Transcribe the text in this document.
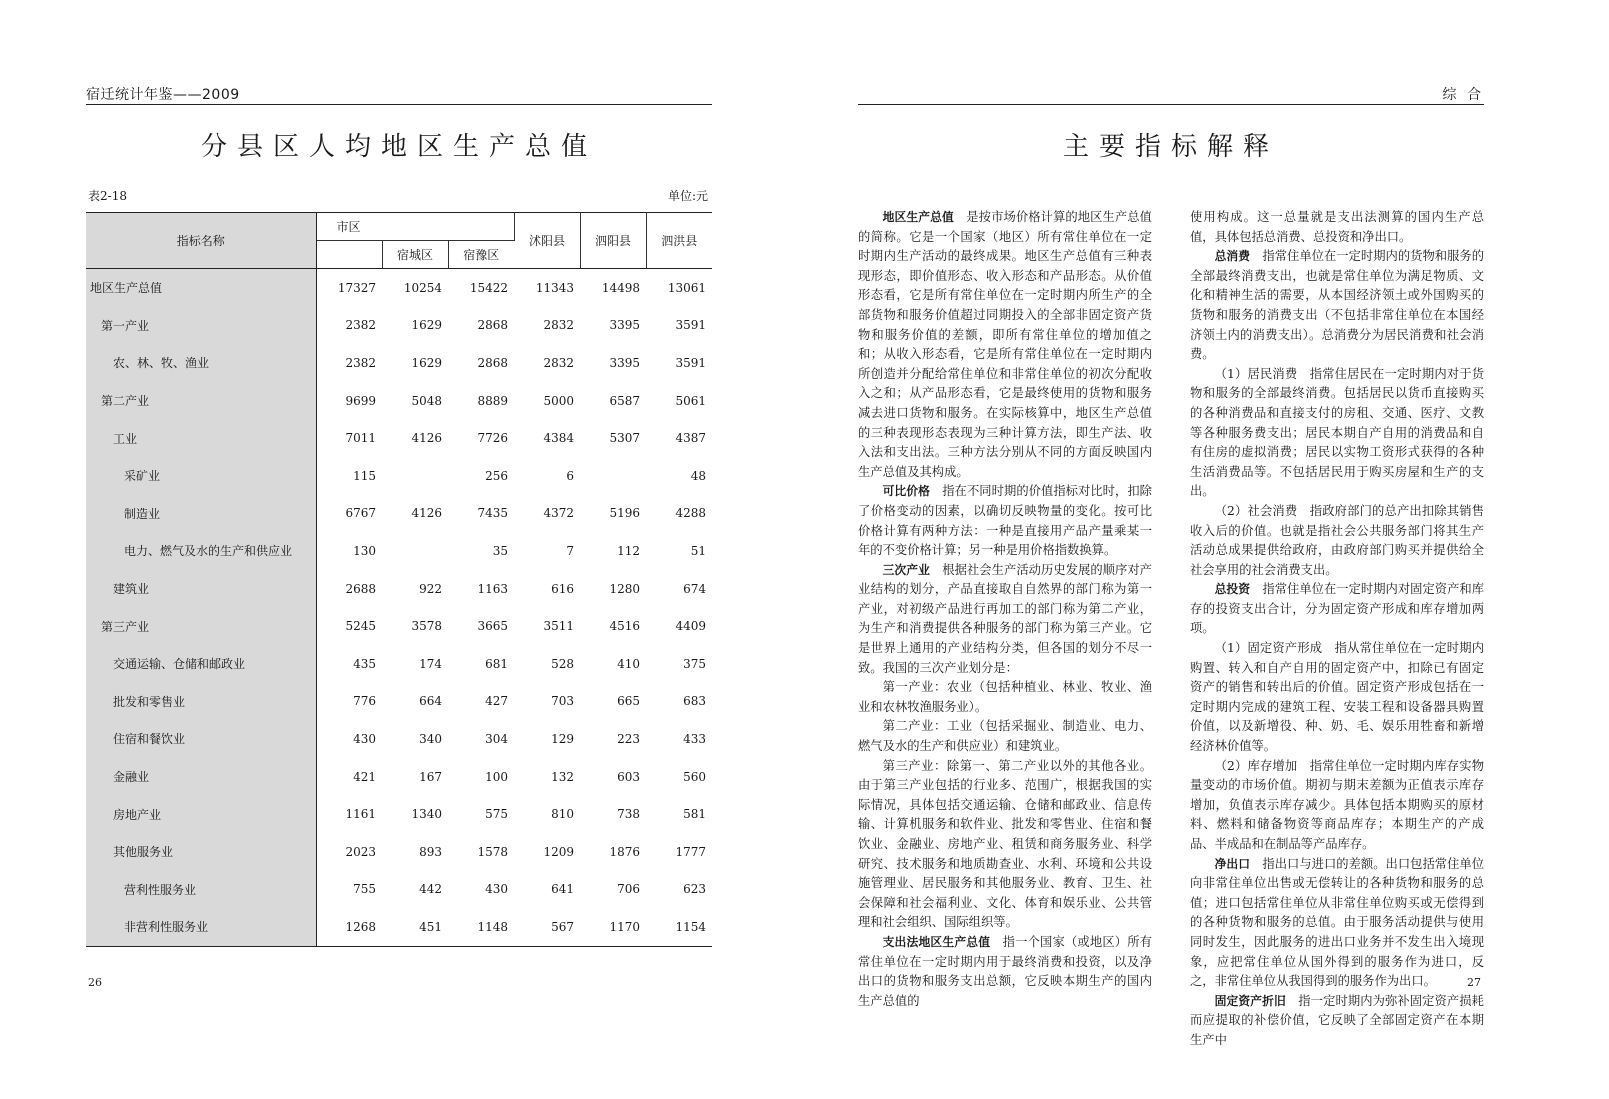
宿迁统计年鉴——2009
分县区人均地区生产总值
表2-18	单位:元
指标名称	市区			沭阳县	泗阳县	泗洪县
		宿城区	宿豫区			
地区生产总值	17327	10254	15422	11343	14498	13061
第一产业	2382	1629	2868	2832	3395	3591
农、林、牧、渔业	2382	1629	2868	2832	3395	3591
第二产业	9699	5048	8889	5000	6587	5061
工业	7011	4126	7726	4384	5307	4387
采矿业	115		256	6		48
制造业	6767	4126	7435	4372	5196	4288
电力、燃气及水的生产和供应业	130		35	7	112	51
建筑业	2688	922	1163	616	1280	674
第三产业	5245	3578	3665	3511	4516	4409
交通运输、仓储和邮政业	435	174	681	528	410	375
批发和零售业	776	664	427	703	665	683
住宿和餐饮业	430	340	304	129	223	433
金融业	421	167	100	132	603	560
房地产业	1161	1340	575	810	738	581
其他服务业	2023	893	1578	1209	1876	1777
营利性服务业	755	442	430	641	706	623
非营利性服务业	1268	451	1148	567	1170	1154
26
综 合
主要指标解释

地区生产总值　 是按市场价格计算的地区生产总值的简称。它是一个国家（地区）所有常住单位在一定时期内生产活动的最终成果。地区生产总值有三种表现形态，即价值形态、收入形态和产品形态。从价值形态看，它是所有常住单位在一定时期内所生产的全部货物和服务价值超过同期投入的全部非固定资产货物和服务价值的差额，即所有常住单位的增加值之和；从收入形态看，它是所有常住单位在一定时期内所创造并分配给常住单位和非常住单位的初次分配收入之和；从产品形态看，它是最终使用的货物和服务减去进口货物和服务。在实际核算中，地区生产总值的三种表现形态表现为三种计算方法，即生产法、收入法和支出法。三种方法分别从不同的方面反映国内生产总值及其构成。

可比价格　 指在不同时期的价值指标对比时，扣除了价格变动的因素，以确切反映物量的变化。按可比价格计算有两种方法：一种是直接用产品产量乘某一年的不变价格计算；另一种是用价格指数换算。

三次产业　 根据社会生产活动历史发展的顺序对产业结构的划分，产品直接取自自然界的部门称为第一产业，对初级产品进行再加工的部门称为第二产业，为生产和消费提供各种服务的部门称为第三产业。它是世界上通用的产业结构分类，但各国的划分不尽一致。我国的三次产业划分是：

第一产业：农业（包括种植业、林业、牧业、渔业和农林牧渔服务业）。

第二产业：工业（包括采掘业、制造业、电力、燃气及水的生产和供应业）和建筑业。

第三产业：除第一、第二产业以外的其他各业。由于第三产业包括的行业多、范围广，根据我国的实际情况，具体包括交通运输、仓储和邮政业、信息传输、计算机服务和软件业、批发和零售业、住宿和餐饮业、金融业、房地产业、租赁和商务服务业、科学研究、技术服务和地质勘查业、水利、环境和公共设施管理业、居民服务和其他服务业、教育、卫生、社会保障和社会福利业、文化、体育和娱乐业、公共管理和社会组织、国际组织等。

支出法地区生产总值　 指一个国家（或地区）所有常住单位在一定时期内用于最终消费和投资，以及净出口的货物和服务支出总额，它反映本期生产的国内生产总值的

使用构成。这一总量就是支出法测算的国内生产总值，具体包括总消费、总投资和净出口。

总消费　 指常住单位在一定时期内的货物和服务的全部最终消费支出，也就是常住单位为满足物质、文化和精神生活的需要，从本国经济领土或外国购买的货物和服务的消费支出（不包括非常住单位在本国经济领土内的消费支出）。总消费分为居民消费和社会消费。

（1）居民消费　指常住居民在一定时期内对于货物和服务的全部最终消费。包括居民以货币直接购买的各种消费品和直接支付的房租、交通、医疗、文教等各种服务费支出；居民本期自产自用的消费品和自有住房的虚拟消费；居民以实物工资形式获得的各种生活消费品等。不包括居民用于购买房屋和生产的支出。

（2）社会消费　指政府部门的总产出扣除其销售收入后的价值。也就是指社会公共服务部门将其生产活动总成果提供给政府，由政府部门购买并提供给全社会享用的社会消费支出。

总投资　 指常住单位在一定时期内对固定资产和库存的投资支出合计，分为固定资产形成和库存增加两项。

（1）固定资产形成　指从常住单位在一定时期内购置、转入和自产自用的固定资产中，扣除已有固定资产的销售和转出后的价值。固定资产形成包括在一定时期内完成的建筑工程、安装工程和设备器具购置价值，以及新增役、种、奶、毛、娱乐用牲畜和新增经济林价值等。

（2）库存增加　指常住单位一定时期内库存实物量变动的市场价值。期初与期末差额为正值表示库存增加，负值表示库存减少。具体包括本期购买的原材料、燃料和储备物资等商品库存；本期生产的产成品、半成品和在制品等产品库存。

净出口　 指出口与进口的差额。出口包括常住单位向非常住单位出售或无偿转让的各种货物和服务的总值；进口包括常住单位从非常住单位购买或无偿得到的各种货物和服务的总值。由于服务活动提供与使用同时发生，因此服务的进出口业务并不发生出入境现象，应把常住单位从国外得到的服务作为进口，反之，非常住单位从我国得到的服务作为出口。

固定资产折旧　 指一定时期内为弥补固定资产损耗而应提取的补偿价值，它反映了全部固定资产在本期生产中

27
